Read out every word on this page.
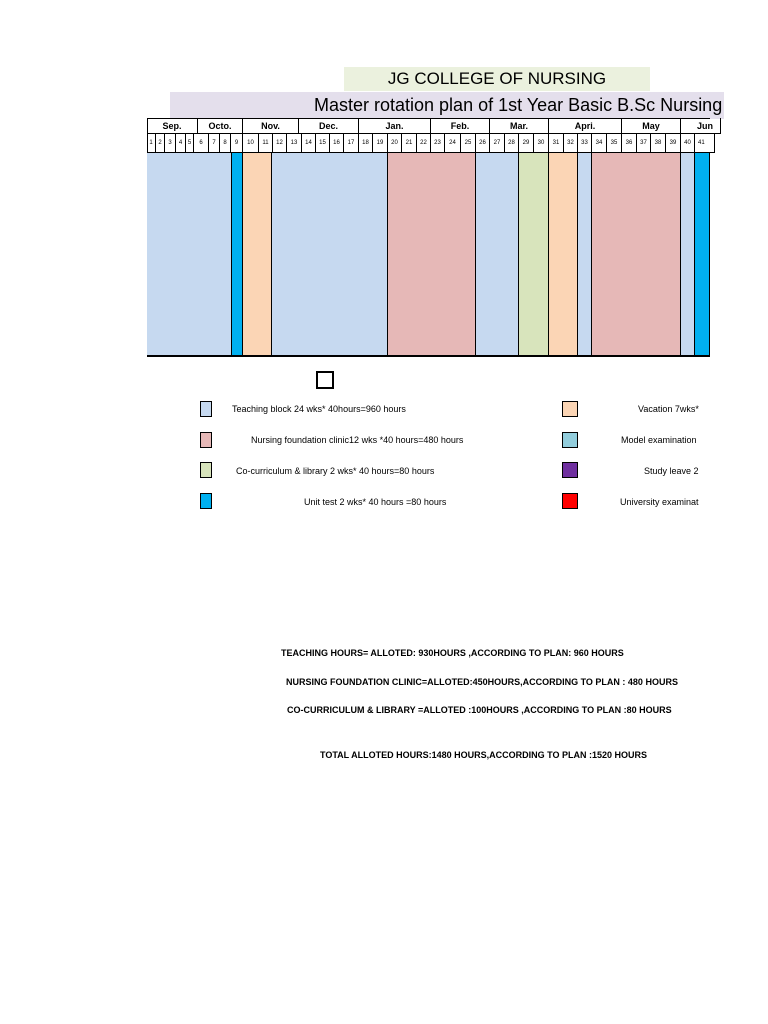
JG COLLEGE OF NURSING
Master rotation plan of 1st Year Basic B.Sc Nursing
Sep.	Octo.	Nov.	Dec.	Jan.	Feb.	Mar.	Apri.	May	Jun
1 2	3	4 5	6	7	8	9	10	11	12	13	14	15	16	17	18	19	20	21	22	23	24	25	26	27	28	29	30	31	32	33	34	35	36	37	38	39	40	41
Teaching block 24 wks* 40hours=960 hours
Nursing foundation clinic12 wks *40 hours=480 hours
Co-curriculum & library 2 wks* 40 hours=80 hours
Unit test 2 wks* 40 hours =80 hours
Vacation 7wks*
Model examination
Study leave 2
University examinat
TEACHING HOURS= ALLOTED: 930HOURS ,ACCORDING TO PLAN: 960 HOURS
NURSING FOUNDATION CLINIC=ALLOTED:450HOURS,ACCORDING TO PLAN : 480 HOURS
CO-CURRICULUM & LIBRARY =ALLOTED :100HOURS ,ACCORDING TO PLAN :80 HOURS
TOTAL ALLOTED HOURS:1480 HOURS,ACCORDING TO PLAN :1520 HOURS
